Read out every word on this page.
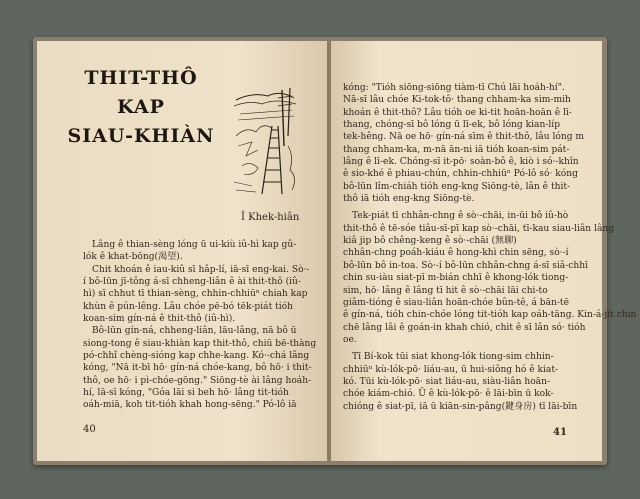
THIT-THÔ
KAP
SIAU-KHIÀN
Î Khek-hiân

Lâng ê thian-sèng lóng ū ui-kiù iû-hì kap gû-
lók ê khat-bōng(渴望).

Chit khoán ê iau-kiû sī hâp-lí, iā-sī eng-kai. Sò·-
í bô-lūn jī-tông á-sī chheng-liân ê ài thit-thô (iû-
hì) sī chhut tī thian-sèng, chhin-chhiūⁿ chiah kap
khùn ê pún-lêng. Lâu chóe pē-bó tēk-piát tióh
koan-sim gín-ná ê thit-thô (iû-hì).

Bô-lūn gín-ná, chheng-liân, lāu-lâng, nā bô ū
siong-tong ê siau-khiàn kap thit-thô, chiū bē-thàng
pó-chhî chèng-sióng kap chhe-kang. Kó·-chá lâng
kóng, "Nā it-bī hō· gín-ná chóe-kang, bô hō· i thit-
thô, oe hō· i pì-chóe-gōng." Siōng-tè ài lâng hoa̍h-
hí, lā-sī kóng, "Góa lāi si beh hō· lâng tit-tióh
oáh-miā, koh tit-tióh khah hong-sēng." Pó-lô iā

40

kóng: "Tióh siōng-siōng tiàm-tī Chú lāi hoa̍h-hí".
Nā-sī lâu chóe Ki-tok-tô· thang chham-ka sim-mih
khoán ê thit-thô? Lâu tióh oe ki-tit hoān-hoān ê lī-
thang, chóng-sī bô lóng ū lī-ek, bô lóng kian-líp
tek-hêng. Nā oe hō· gín-ná sīm ê thit-thô, lâu lóng m
thang chham-ka, m-nā ān-ni iā tióh koan-sim pát-
lâng ê lī-ek. Chóng-sī it-pō· soàn-bô ê, kiò i só·-khîn
ê sio-khé ê phiau-chún, chhin-chhiūⁿ Pó-lô só· kóng
bô-lūn lîm-chiáh tióh eng-kng Siōng-tè, lân ê thit-
thô iā tióh eng-kng Siōng-tè.

Tek-piát tī chhân-chng ê sò·-chāi, in-ūi bô iû-hò
thit-thô ê tē-sóe tiâu-sī-pī kap sò·-chāi, tī-kau siau-liân lâng
kiâ jip bô chêng-keng ê sò·-chāi (無聊)
chhân-chng poáh-kiáu ê hong-khì chin sēng, sò·-í
bô-lūn bô in-toa. Sò·-í bô-lūn chhân-chng á-sī siâ-chhī
chin su-iàu siat-pī m-bián chhī ê khong-lók tiong-
sim, hō· lâng ê lâng tī hit ê sò·-chāi lāi chi-to
giâm-tióng ê siau-liân hoān-chóe bûn-tê, á bān-tē
ê gín-ná, tióh chin-chóe lóng tit-tióh kap oáh-tāng. Kin-á-jit chin
chē lâng lâi ê goán-in khah chió, chit ê sī lân só· tióh
oe.

Tī Bí-kok tūi siat khong-lók tiong-sim chhin-
chhiūⁿ kù-lók-pō· liáu-au, ū hui-siông hó ê kiat-
kó. Tūi kù-lók-pō· siat liáu-au, siàu-liân hoān-
chóe kiám-chió. Ū ê kù-lók-pō· ê lāi-bīn ū kok-
chióng ê siat-pī, iā ū kiān-sin-pâng(鍵身房) tī lāi-bīn

41
